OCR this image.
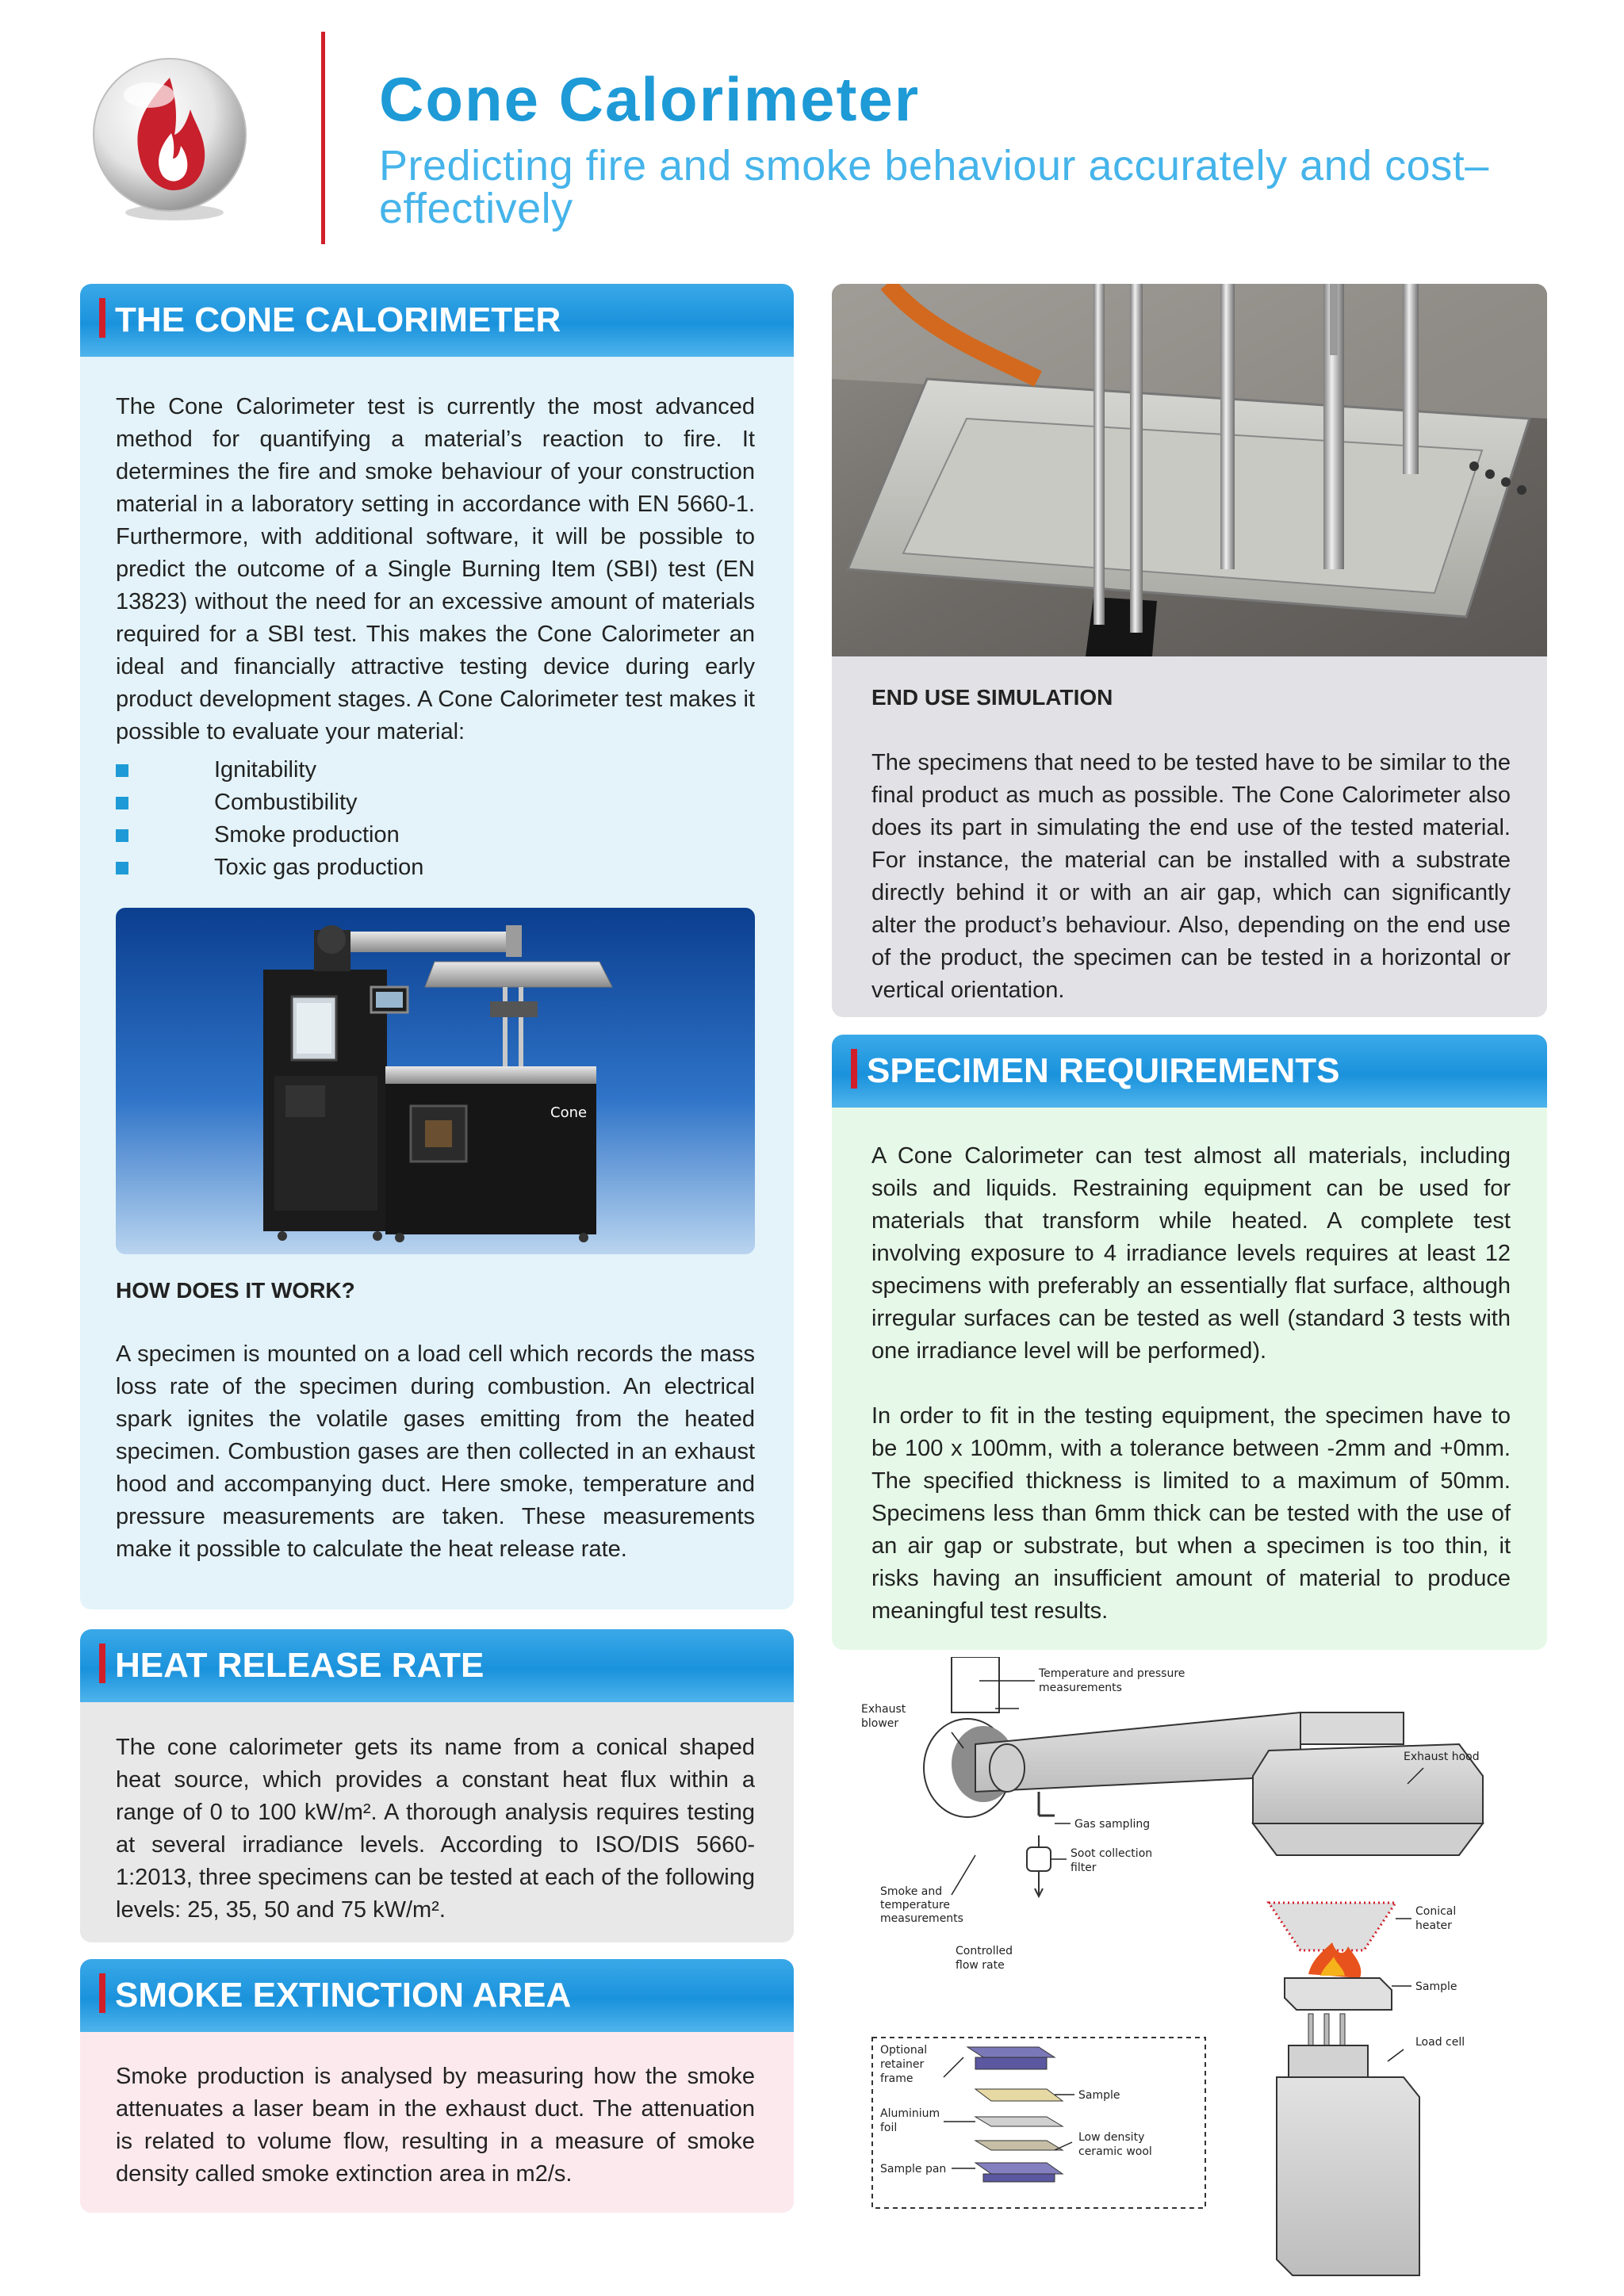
Cone Calorimeter
Predicting fire and smoke behaviour accurately and cost–effectively
THE CONE CALORIMETER
The Cone Calorimeter test is currently the most advanced method for quantifying a material’s reaction to fire. It determines the fire and smoke behaviour of your construction material in a laboratory setting in accordance with EN 5660-1. Furthermore, with additional software, it will be possible to predict the outcome of a Single Burning Item (SBI) test (EN 13823) without the need for an excessive amount of materials required for a SBI test. This makes the Cone Calorimeter an ideal and financially attractive testing device during early product development stages. A Cone Calorimeter test makes it possible to evaluate your material:
Ignitability
Combustibility
Smoke production
Toxic gas production
Cone
HOW DOES IT WORK?
A specimen is mounted on a load cell which records the mass loss rate of the specimen during combustion. An electrical spark ignites the volatile gases emitting from the heated specimen. Combustion gases are then collected in an exhaust hood and accompanying duct. Here smoke, temperature and pressure measurements are taken. These measurements make it possible to calculate the heat release rate.
HEAT RELEASE RATE
The cone calorimeter gets its name from a conical shaped heat source, which provides a constant heat flux within a range of 0 to 100 kW/m². A thorough analysis requires testing at several irradiance levels. According to ISO/DIS 5660-1:2013, three specimens can be tested at each of the following levels: 25, 35, 50 and 75 kW/m².
SMOKE EXTINCTION AREA
Smoke production is analysed by measuring how the smoke attenuates a laser beam in the exhaust duct. The attenuation is related to volume flow, resulting in a measure of smoke density called smoke extinction area in m2/s.
END USE SIMULATION
The specimens that need to be tested have to be similar to the final product as much as possible. The Cone Calorimeter also does its part in simulating the end use of the tested material. For instance, the material can be installed with a substrate directly behind it or with an air gap, which can significantly alter the product’s behaviour. Also, depending on the end use of the product, the specimen can be tested in a horizontal or vertical orientation.
SPECIMEN REQUIREMENTS
A Cone Calorimeter can test almost all materials, including soils and liquids. Restraining equipment can be used for materials that transform while heated. A complete test involving exposure to 4 irradiance levels requires at least 12 specimens with preferably an essentially flat surface, although irregular surfaces can be tested as well (standard 3 tests with one irradiance level will be performed).
In order to fit in the testing equipment, the specimen have to be 100 x 100mm, with a tolerance between -2mm and +0mm. The specified thickness is limited to a maximum of 50mm. Specimens less than 6mm thick can be tested with the use of an air gap or substrate, but when a specimen is too thin, it risks having an insufficient amount of material to produce meaningful test results.
Temperature and pressure
measurements
Exhaust
blower
Exhaust hood
Gas sampling
Smoke and
temperature
measurements
Soot collection
filter
Conical
heater
Controlled
flow rate
Sample
Load cell
Optional
retainer
frame
Sample
Aluminium
foil
Low density
ceramic wool
Sample pan
